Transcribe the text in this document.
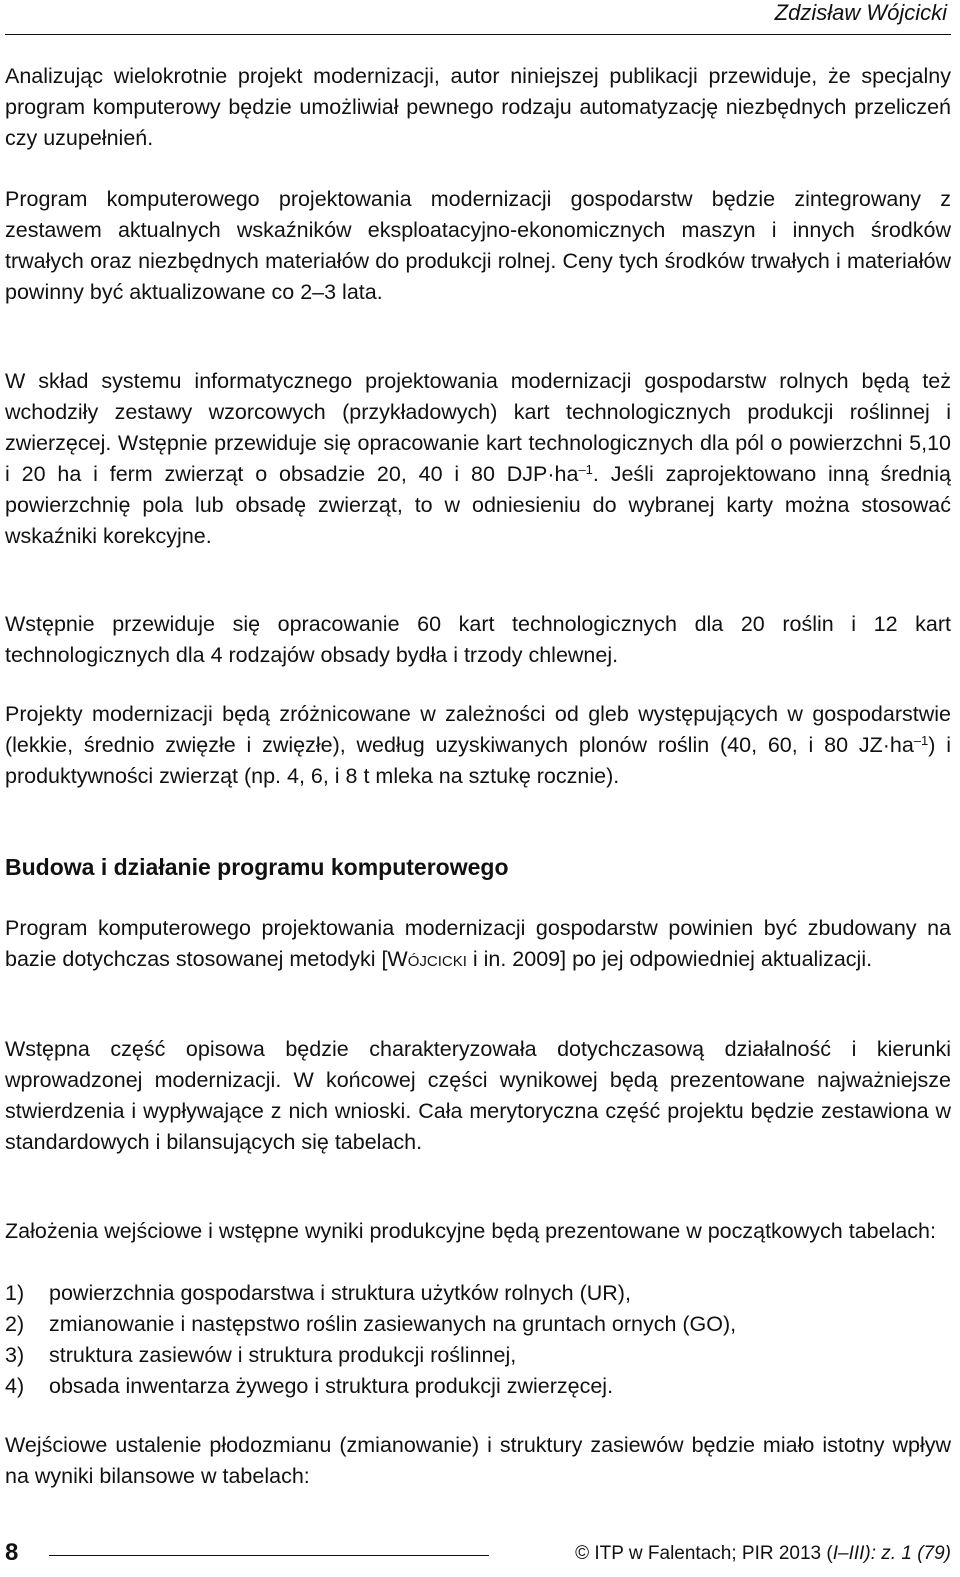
Zdzisław Wójcicki

Analizując wielokrotnie projekt modernizacji, autor niniejszej publikacji przewiduje, że specjalny program komputerowy będzie umożliwiał pewnego rodzaju automatyzację niezbędnych przeliczeń czy uzupełnień.

Program komputerowego projektowania modernizacji gospodarstw będzie zintegrowany z zestawem aktualnych wskaźników eksploatacyjno-ekonomicznych maszyn i innych środków trwałych oraz niezbędnych materiałów do produkcji rolnej. Ceny tych środków trwałych i materiałów powinny być aktualizowane co 2–3 lata.

W skład systemu informatycznego projektowania modernizacji gospodarstw rolnych będą też wchodziły zestawy wzorcowych (przykładowych) kart technologicznych produkcji roślinnej i zwierzęcej. Wstępnie przewiduje się opracowanie kart technologicznych dla pól o powierzchni 5,10 i 20 ha i ferm zwierząt o obsadzie 20, 40 i 80 $DJP\cdot ha^{-1}$. Jeśli zaprojektowano inną średnią powierzchnię pola lub obsadę zwierząt, to w odniesieniu do wybranej karty można stosować wskaźniki korekcyjne.

Wstępnie przewiduje się opracowanie 60 kart technologicznych dla 20 roślin i 12 kart technologicznych dla 4 rodzajów obsady bydła i trzody chlewnej.

Projekty modernizacji będą zróżnicowane w zależności od gleb występujących w gospodarstwie (lekkie, średnio zwięzłe i zwięzłe), według uzyskiwanych plonów roślin (40, 60, i 80 $JZ\cdot ha^{-1}$) i produktywności zwierząt (np. 4, 6, i 8 t mleka na sztukę rocznie).

Budowa i działanie programu komputerowego

Program komputerowego projektowania modernizacji gospodarstw powinien być zbudowany na bazie dotychczas stosowanej metodyki [Wójcicki i in. 2009] po jej odpowiedniej aktualizacji.

Wstępna część opisowa będzie charakteryzowała dotychczasową działalność i kierunki wprowadzonej modernizacji. W końcowej części wynikowej będą prezentowane najważniejsze stwierdzenia i wypływające z nich wnioski. Cała merytoryczna część projektu będzie zestawiona w standardowych i bilansujących się tabelach.

Założenia wejściowe i wstępne wyniki produkcyjne będą prezentowane w początkowych tabelach:

1)	powierzchnia gospodarstwa i struktura użytków rolnych (UR),
2)	zmianowanie i następstwo roślin zasiewanych na gruntach ornych (GO),
3)	struktura zasiewów i struktura produkcji roślinnej,
4)	obsada inwentarza żywego i struktura produkcji zwierzęcej.

Wejściowe ustalenie płodozmianu (zmianowanie) i struktury zasiewów będzie miało istotny wpływ na wyniki bilansowe w tabelach:

8	© ITP w Falentach; PIR 2013 (I–III): z. 1 (79)
